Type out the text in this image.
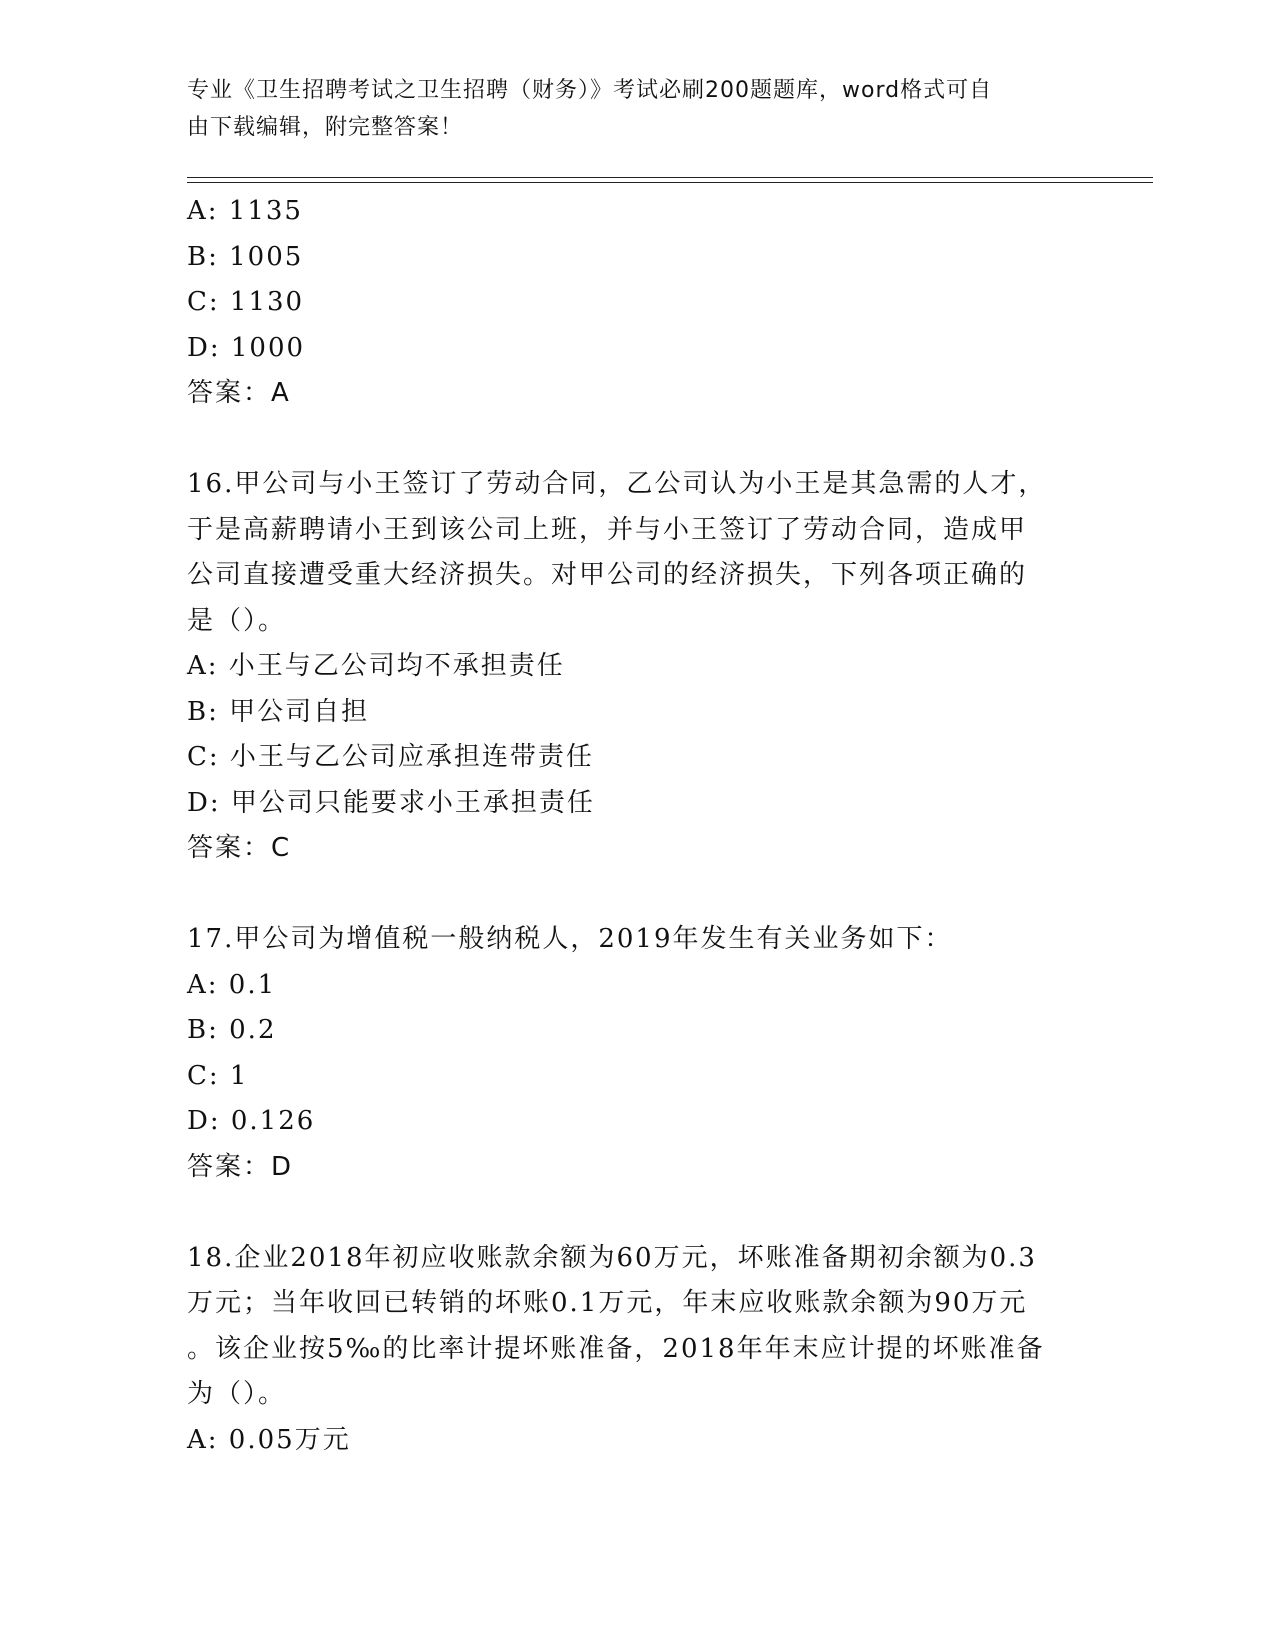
专业《卫生招聘考试之卫生招聘（财务）》考试必刷200题题库，word格式可自
由下载编辑，附完整答案！
A: 1135
B: 1005
C: 1130
D: 1000
答案：A
16.甲公司与小王签订了劳动合同，乙公司认为小王是其急需的人才，
于是高薪聘请小王到该公司上班，并与小王签订了劳动合同，造成甲
公司直接遭受重大经济损失。对甲公司的经济损失，下列各项正确的
是（）。
A: 小王与乙公司均不承担责任
B: 甲公司自担
C: 小王与乙公司应承担连带责任
D: 甲公司只能要求小王承担责任
答案：C
17.甲公司为增值税一般纳税人，2019年发生有关业务如下：
A: 0.1
B: 0.2
C: 1
D: 0.126
答案：D
18.企业2018年初应收账款余额为60万元，坏账准备期初余额为0.3
万元；当年收回已转销的坏账0.1万元，年末应收账款余额为90万元
。该企业按5‰的比率计提坏账准备，2018年年末应计提的坏账准备
为（）。
A: 0.05万元
